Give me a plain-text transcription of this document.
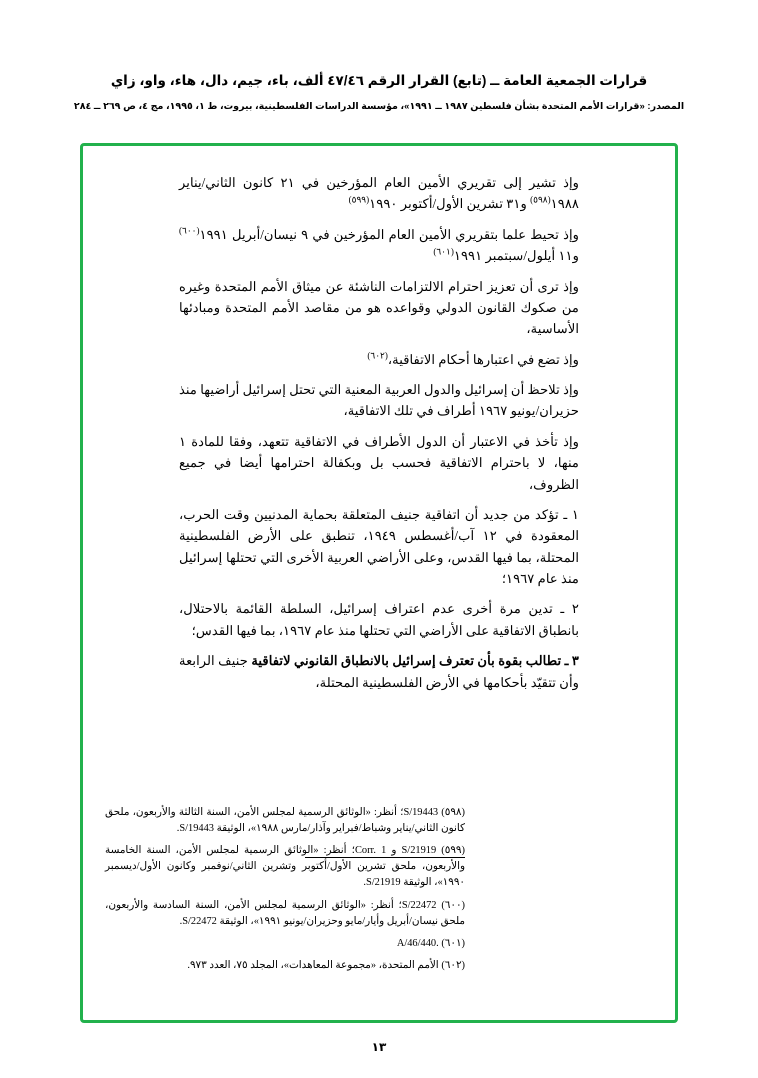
قرارات الجمعية العامة ــ (تابع) القرار الرقم ٤٧/٤٦ ألف، باء، جيم، دال، هاء، واو، زاي
المصدر: «قرارات الأمم المتحدة بشأن فلسطين ١٩٨٧ ــ ١٩٩١»، مؤسسة الدراسات الفلسطينية، بيروت، ط ١، ١٩٩٥، مج ٤، ص ٢٦٩ ــ ٢٨٤

وإذ تشير إلى تقريري الأمين العام المؤرخين في ٢١ كانون الثاني/يناير ١٩٨٨$^{(٥٩٨)}$ و٣١ تشرين الأول/أكتوبر ١٩٩٠$^{(٥٩٩)}$

وإذ تحيط علما بتقريري الأمين العام المؤرخين في ٩ نيسان/أبريل ١٩٩١$^{(٦٠٠)}$ و١١ أيلول/سبتمبر ١٩٩١$^{(٦٠١)}$

وإذ ترى أن تعزيز احترام الالتزامات الناشئة عن ميثاق الأمم المتحدة وغيره من صكوك القانون الدولي وقواعده هو من مقاصد الأمم المتحدة ومبادئها الأساسية،

وإذ تضع في اعتبارها أحكام الاتفاقية،$^{(٦٠٢)}$

وإذ تلاحظ أن إسرائيل والدول العربية المعنية التي تحتل إسرائيل أراضيها منذ حزيران/يونيو ١٩٦٧ أطراف في تلك الاتفاقية،

وإذ تأخذ في الاعتبار أن الدول الأطراف في الاتفاقية تتعهد، وفقا للمادة ١ منها، لا باحترام الاتفاقية فحسب بل وبكفالة احترامها أيضا في جميع الظروف،

١ ـ تؤكد من جديد أن اتفاقية جنيف المتعلقة بحماية المدنيين وقت الحرب، المعقودة في ١٢ آب/أغسطس ١٩٤٩، تنطبق على الأرض الفلسطينية المحتلة، بما فيها القدس، وعلى الأراضي العربية الأخرى التي تحتلها إسرائيل منذ عام ١٩٦٧؛

٢ ـ تدين مرة أخرى عدم اعتراف إسرائيل، السلطة القائمة بالاحتلال، بانطباق الاتفاقية على الأراضي التي تحتلها منذ عام ١٩٦٧، بما فيها القدس؛

٣ ـ تطالب بقوة بأن تعترف إسرائيل بالانطباق القانوني لاتفاقية جنيف الرابعة وأن تتقيّد بأحكامها في الأرض الفلسطينية المحتلة،

(٥٩٨) S/19443؛ أنظر: «الوثائق الرسمية لمجلس الأمن، السنة الثالثة والأربعون، ملحق كانون الثاني/يناير وشباط/فبراير وآذار/مارس ١٩٨٨»، الوثيقة S/19443.

(٥٩٩) S/21919 و Corr. 1؛ أنظر: «الوثائق الرسمية لمجلس الأمن، السنة الخامسة والأربعون، ملحق تشرين الأول/أكتوبر وتشرين الثاني/نوفمبر وكانون الأول/ديسمبر ١٩٩٠»، الوثيقة S/21919.

(٦٠٠) S/22472؛ أنظر: «الوثائق الرسمية لمجلس الأمن، السنة السادسة والأربعون، ملحق نيسان/أبريل وأيار/مايو وحزيران/يونيو ١٩٩١»، الوثيقة S/22472.

(٦٠١) A/46/440.

(٦٠٢) الأمم المتحدة، «مجموعة المعاهدات»، المجلد ٧٥، العدد ٩٧٣.

١٣
